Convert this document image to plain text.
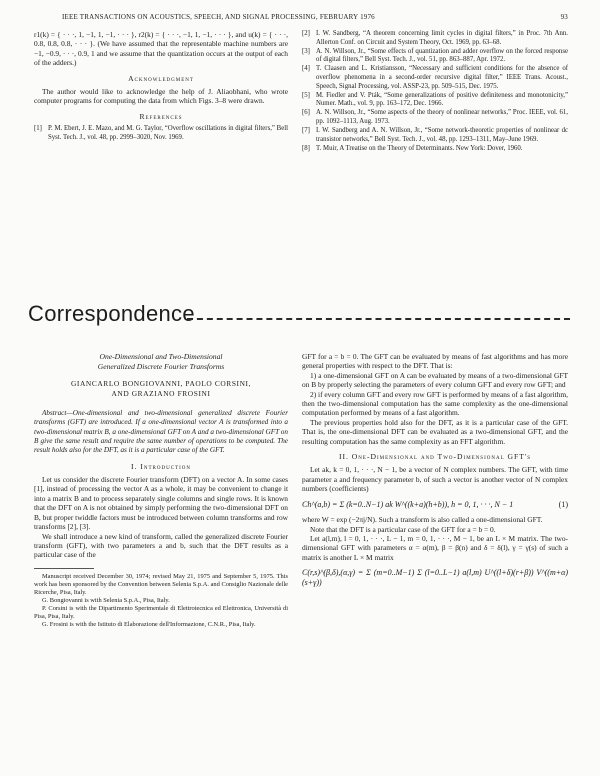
IEEE TRANSACTIONS ON ACOUSTICS, SPEECH, AND SIGNAL PROCESSING, FEBRUARY 1976	93

r1(k) = { · · ·, 1, −1, 1, −1, · · · }, r2(k) = { · · ·, −1, 1, −1, · · · }, and u(k) = { · · ·, 0.8, 0.8, 0.8, · · · }. (We have assumed that the representable machine numbers are −1, −0.9, · · ·, 0.9, 1 and we assume that the quantization occurs at the output of each of the adders.)

Acknowledgment

The author would like to acknowledge the help of J. Aliaobhani, who wrote computer programs for computing the data from which Figs. 3–8 were drawn.

References
[1] P. M. Ebert, J. E. Mazo, and M. G. Taylor, “Overflow oscillations in digital filters,” Bell Syst. Tech. J., vol. 48, pp. 2999–3020, Nov. 1969.
[2] I. W. Sandberg, “A theorem concerning limit cycles in digital filters,” in Proc. 7th Ann. Allerton Conf. on Circuit and System Theory, Oct. 1969, pp. 63–68.
[3] A. N. Willson, Jr., “Some effects of quantization and adder overflow on the forced response of digital filters,” Bell Syst. Tech. J., vol. 51, pp. 863–887, Apr. 1972.
[4] T. Claasen and L. Kristiansson, “Necessary and sufficient conditions for the absence of overflow phenomena in a second-order recursive digital filter,” IEEE Trans. Acoust., Speech, Signal Processing, vol. ASSP-23, pp. 509–515, Dec. 1975.
[5] M. Fiedler and V. Pták, “Some generalizations of positive definiteness and monotonicity,” Numer. Math., vol. 9, pp. 163–172, Dec. 1966.
[6] A. N. Willson, Jr., “Some aspects of the theory of nonlinear networks,” Proc. IEEE, vol. 61, pp. 1092–1113, Aug. 1973.
[7] I. W. Sandberg and A. N. Willson, Jr., “Some network-theoretic properties of nonlinear dc transistor networks,” Bell Syst. Tech. J., vol. 48, pp. 1293–1311, May–June 1969.
[8] T. Muir, A Treatise on the Theory of Determinants. New York: Dover, 1960.
Correspondence

One-Dimensional and Two-Dimensional

Generalized Discrete Fourier Transforms

GIANCARLO BONGIOVANNI, PAOLO CORSINI,
AND GRAZIANO FROSINI

Abstract—One-dimensional and two-dimensional generalized discrete Fourier transforms (GFT) are introduced. If a one-dimensional vector A is transformed into a two-dimensional matrix B, a one-dimensional GFT on A and a two-dimensional GFT on B give the same result and require the same number of operations to be computed. The result holds also for the DFT, as it is a particular case of the GFT.

I. Introduction

Let us consider the discrete Fourier transform (DFT) on a vector A. In some cases [1], instead of processing the vector A as a whole, it may be convenient to change it into a matrix B and to process separately single columns and single rows. It is known that the DFT on A is not obtained by simply performing the two-dimensional DFT on B, but proper twiddle factors must be introduced between column transforms and row transforms [2], [3].

We shall introduce a new kind of transform, called the generalized discrete Fourier transform (GFT), with two parameters a and b, such that the DFT results as a particular case of the

Manuscript received December 30, 1974; revised May 21, 1975 and September 5, 1975. This work has been sponsored by the Convention between Selenia S.p.A. and Consiglio Nazionale delle Ricerche, Pisa, Italy.

G. Bongiovanni is with Selenia S.p.A., Pisa, Italy.

P. Corsini is with the Dipartimento Sperimentale di Elettrotecnica ed Elettronica, Università di Pisa, Pisa, Italy.

G. Frosini is with the Istituto di Elaborazione dell'Informazione, C.N.R., Pisa, Italy.

GFT for a = b = 0. The GFT can be evaluated by means of fast algorithms and has more general properties with respect to the DFT. That is:

1) a one-dimensional GFT on A can be evaluated by means of a two-dimensional GFT on B by properly selecting the parameters of every column GFT and every row GFT; and

2) if every column GFT and every row GFT is performed by means of a fast algorithm, then the two-dimensional computation has the same complexity as the one-dimensional computation performed by means of a fast algorithm.

The previous properties hold also for the DFT, as it is a particular case of the GFT. That is, the one-dimensional DFT can be evaluated as a two-dimensional GFT, and the resulting computation has the same complexity as an FFT algorithm.

II. One-Dimensional and Two-Dimensional GFT's

Let ak, k = 0, 1, · · ·, N − 1, be a vector of N complex numbers. The GFT, with time parameter a and frequency parameter b, of such a vector is another vector of N complex numbers (coefficients)

Ch^(a,b) = Σ (k=0..N−1) ak W^((k+a)(h+b)), h = 0, 1, · · ·, N − 1	(1)

where W = exp (−2πj/N). Such a transform is also called a one-dimensional GFT.

Note that the DFT is a particular case of the GFT for a = b = 0.

Let a(l,m), l = 0, 1, · · ·, L − 1, m = 0, 1, · · ·, M − 1, be an L × M matrix. The two-dimensional GFT with parameters α = α(m), β = β(n) and δ = δ(l), γ = γ(s) of such a matrix is another L × M matrix

C(r,s)^(β,δ),(α,γ) = Σ (m=0..M−1) Σ (l=0..L−1) a(l,m) U^((l+δ)(r+β)) V^((m+α)(s+γ))
